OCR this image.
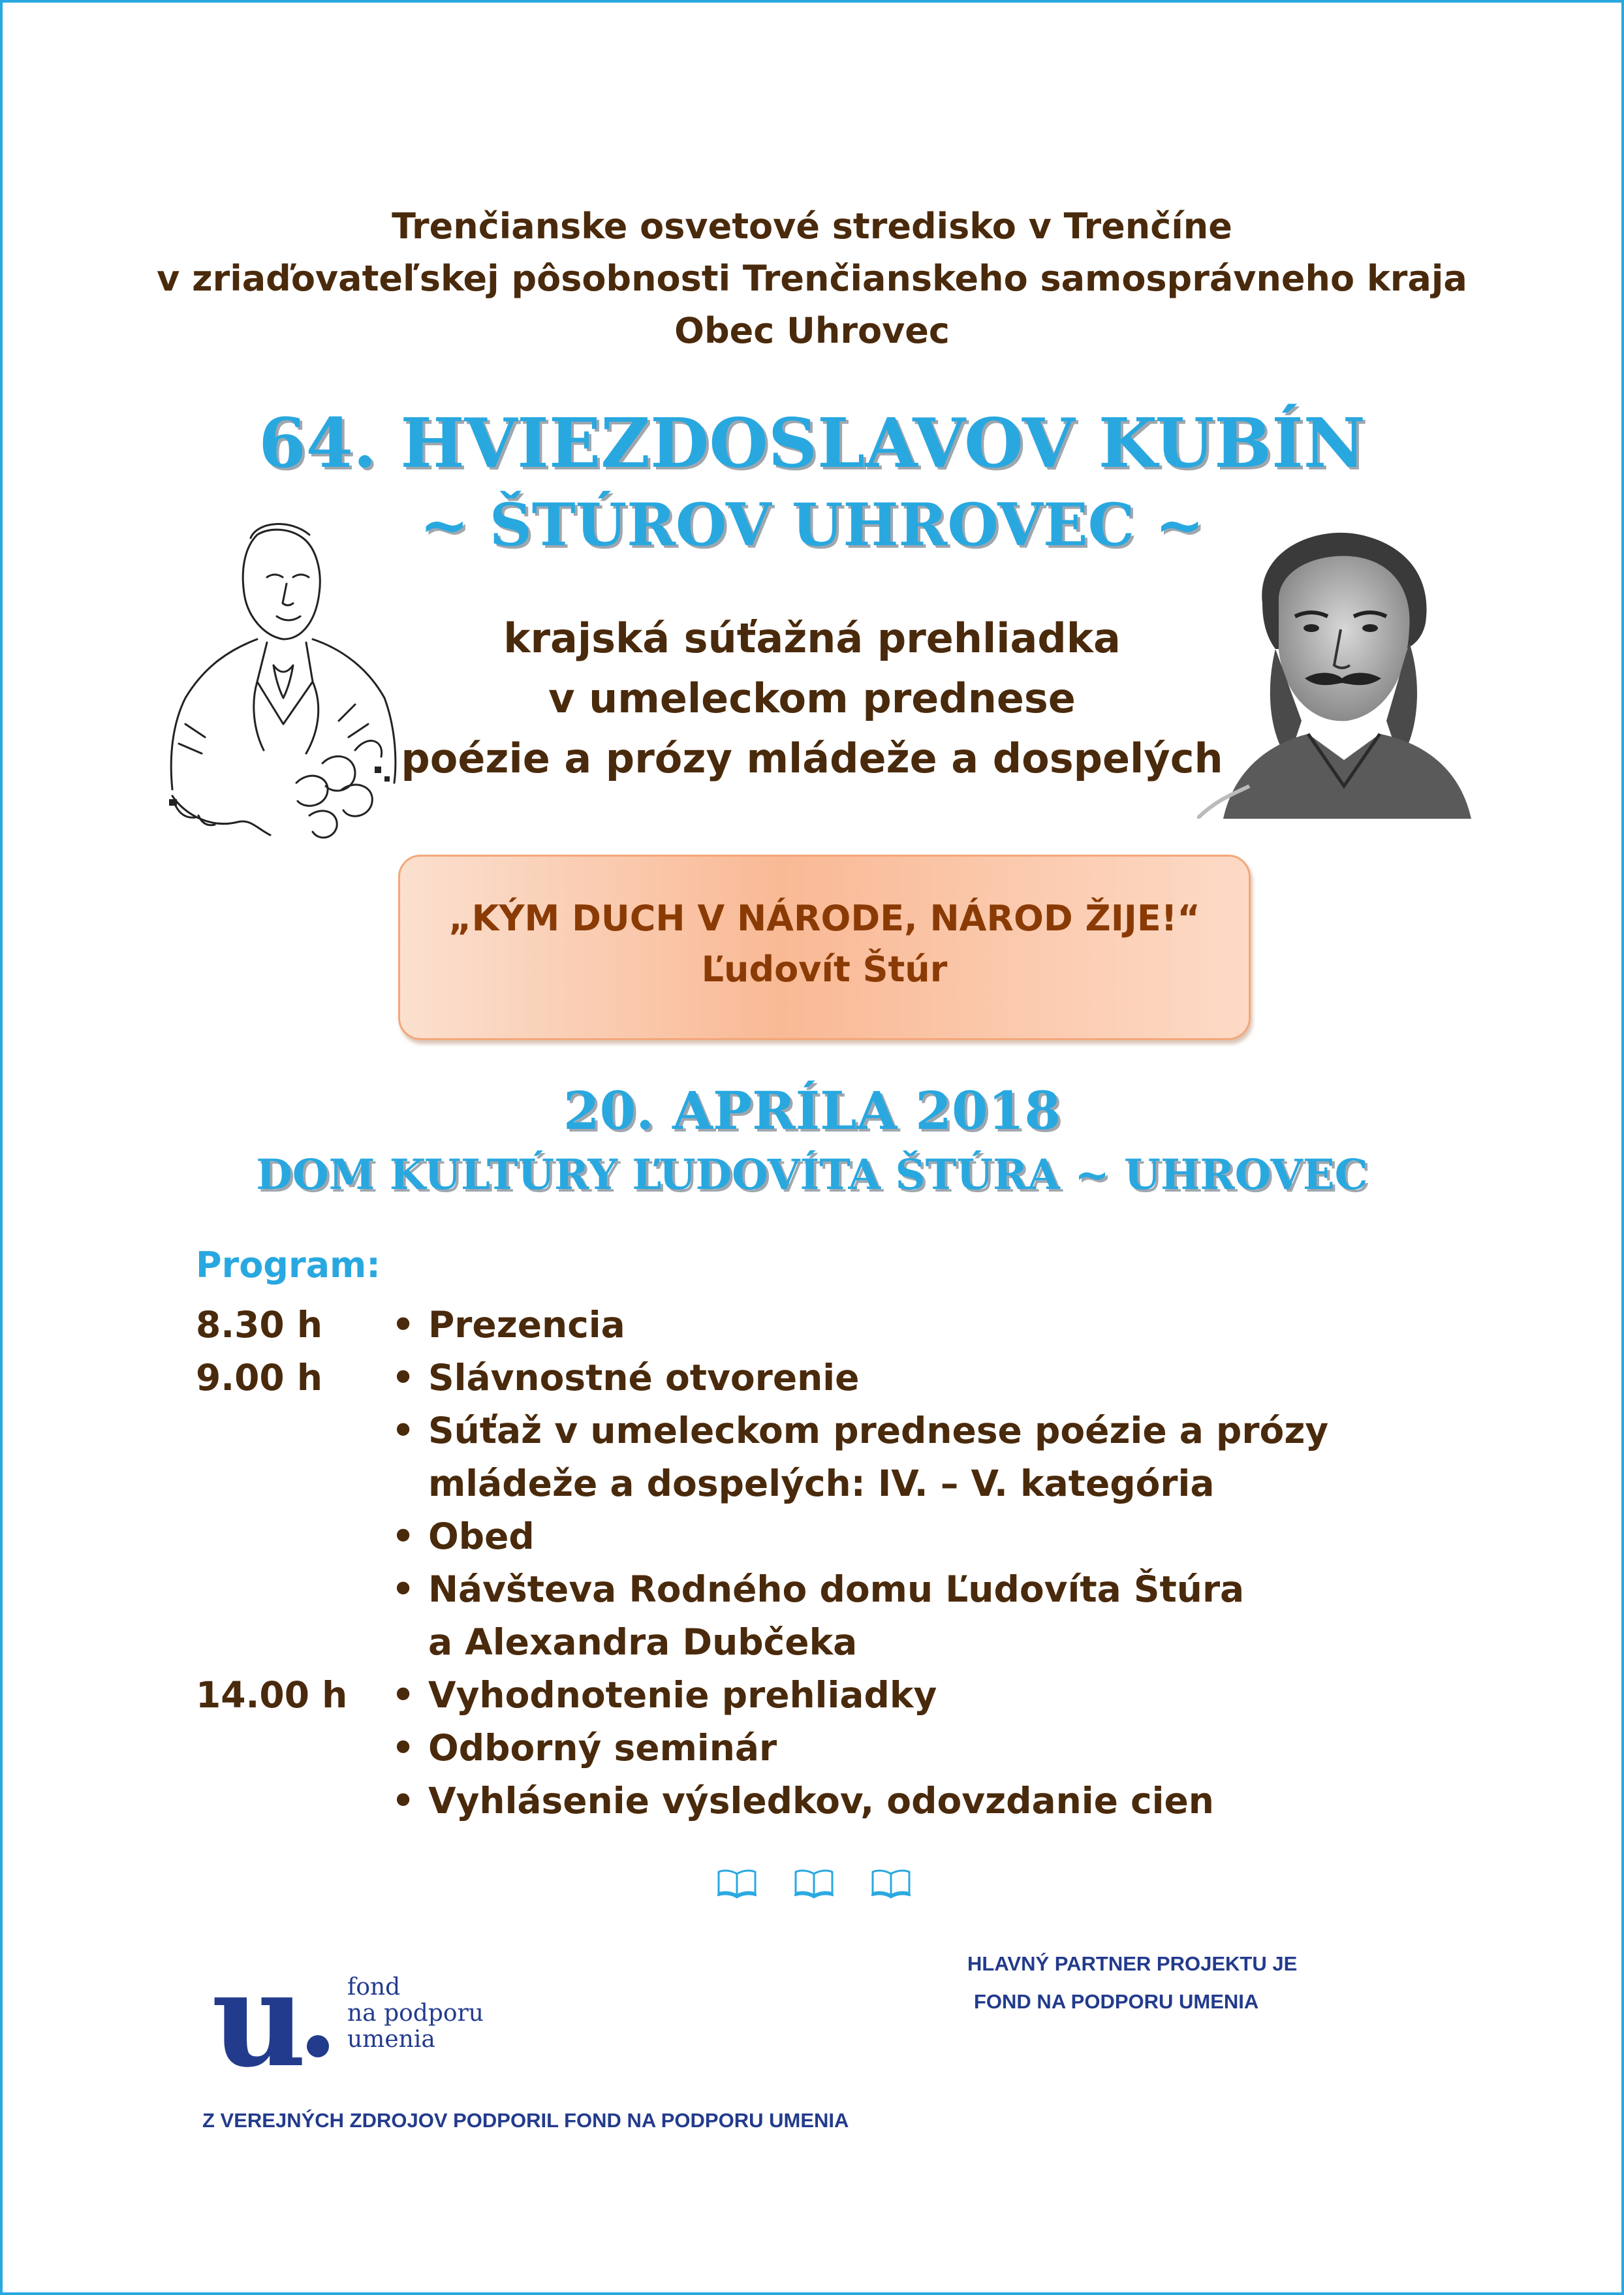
Trenčianske osvetové stredisko v Trenčíne
v zriaďovateľskej pôsobnosti Trenčianskeho samosprávneho kraja
Obec Uhrovec
64. HVIEZDOSLAVOV KUBÍN
~ ŠTÚROV UHROVEC ~
krajská súťažná prehliadka
v umeleckom prednese
poézie a prózy mládeže a dospelých
„KÝM DUCH V NÁRODE, NÁROD ŽIJE!“
Ľudovít Štúr
20. APRÍLA 2018
DOM KULTÚRY ĽUDOVÍTA ŠTÚRA ~ UHROVEC
Program:
8.30 h • Prezencia
9.00 h • Slávnostné otvorenie
• Súťaž v umeleckom prednese poézie a prózy
mládeže a dospelých: IV. – V. kategória
• Obed
• Návšteva Rodného domu Ľudovíta Štúra
a Alexandra Dubčeka
14.00 h • Vyhodnotenie prehliadky
• Odborný seminár
• Vyhlásenie výsledkov, odovzdanie cien
u fond
na podporu
umenia
HLAVNÝ PARTNER PROJEKTU JE
FOND NA PODPORU UMENIA
Z VEREJNÝCH ZDROJOV PODPORIL FOND NA PODPORU UMENIA
